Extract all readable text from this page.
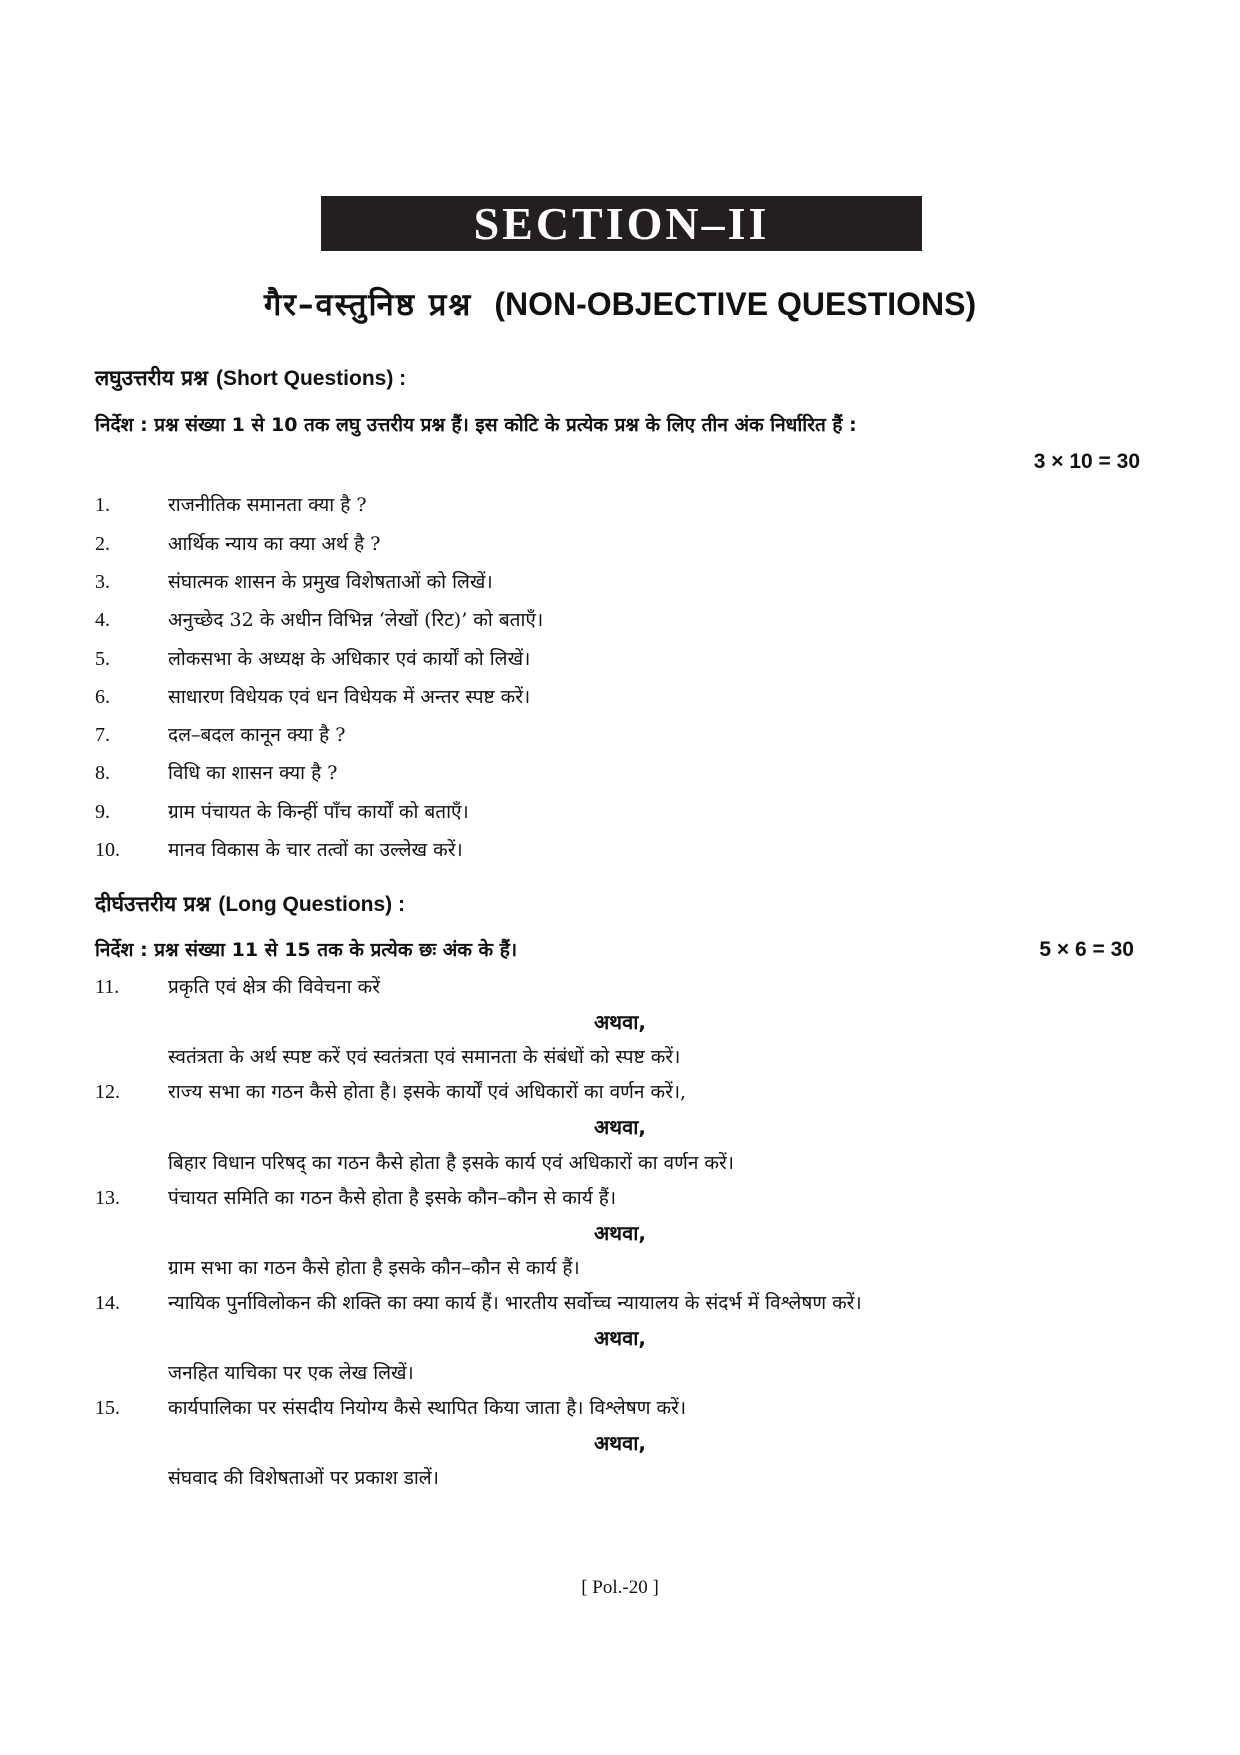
SECTION–II
गैर–वस्तुनिष्ठ प्रश्न (NON-OBJECTIVE QUESTIONS)
लघुउत्तरीय प्रश्न (Short Questions) :
निर्देश : प्रश्न संख्या 1 से 10 तक लघु उत्तरीय प्रश्न हैं। इस कोटि के प्रत्येक प्रश्न के लिए तीन अंक निर्धारित हैं :
3 × 10 = 30
1.	राजनीतिक समानता क्या है ?
2.	आर्थिक न्याय का क्या अर्थ है ?
3.	संघात्मक शासन के प्रमुख विशेषताओं को लिखें।
4.	अनुच्छेद 32 के अधीन विभिन्न ‘लेखों (रिट)’ को बताएँ।
5.	लोकसभा के अध्यक्ष के अधिकार एवं कार्यों को लिखें।
6.	साधारण विधेयक एवं धन विधेयक में अन्तर स्पष्ट करें।
7.	दल–बदल कानून क्या है ?
8.	विधि का शासन क्या है ?
9.	ग्राम पंचायत के किन्हीं पाँच कार्यों को बताएँ।
10.	मानव विकास के चार तत्वों का उल्लेख करें।
दीर्घउत्तरीय प्रश्न (Long Questions) :
निर्देश : प्रश्न संख्या 11 से 15 तक के प्रत्येक छः अंक के हैं।	5 × 6 = 30
11.	प्रकृति एवं क्षेत्र की विवेचना करें
अथवा,
स्वतंत्रता के अर्थ स्पष्ट करें एवं स्वतंत्रता एवं समानता के संबंधों को स्पष्ट करें।
12.	राज्य सभा का गठन कैसे होता है। इसके कार्यों एवं अधिकारों का वर्णन करें।,
अथवा,
बिहार विधान परिषद् का गठन कैसे होता है इसके कार्य एवं अधिकारों का वर्णन करें।
13.	पंचायत समिति का गठन कैसे होता है इसके कौन–कौन से कार्य हैं।
अथवा,
ग्राम सभा का गठन कैसे होता है इसके कौन–कौन से कार्य हैं।
14.	न्यायिक पुर्नाविलोकन की शक्ति का क्या कार्य हैं। भारतीय सर्वोच्च न्यायालय के संदर्भ में विश्लेषण करें।
अथवा,
जनहित याचिका पर एक लेख लिखें।
15.	कार्यपालिका पर संसदीय नियोग्य कैसे स्थापित किया जाता है। विश्लेषण करें।
अथवा,
संघवाद की विशेषताओं पर प्रकाश डालें।
[ Pol.-20 ]
